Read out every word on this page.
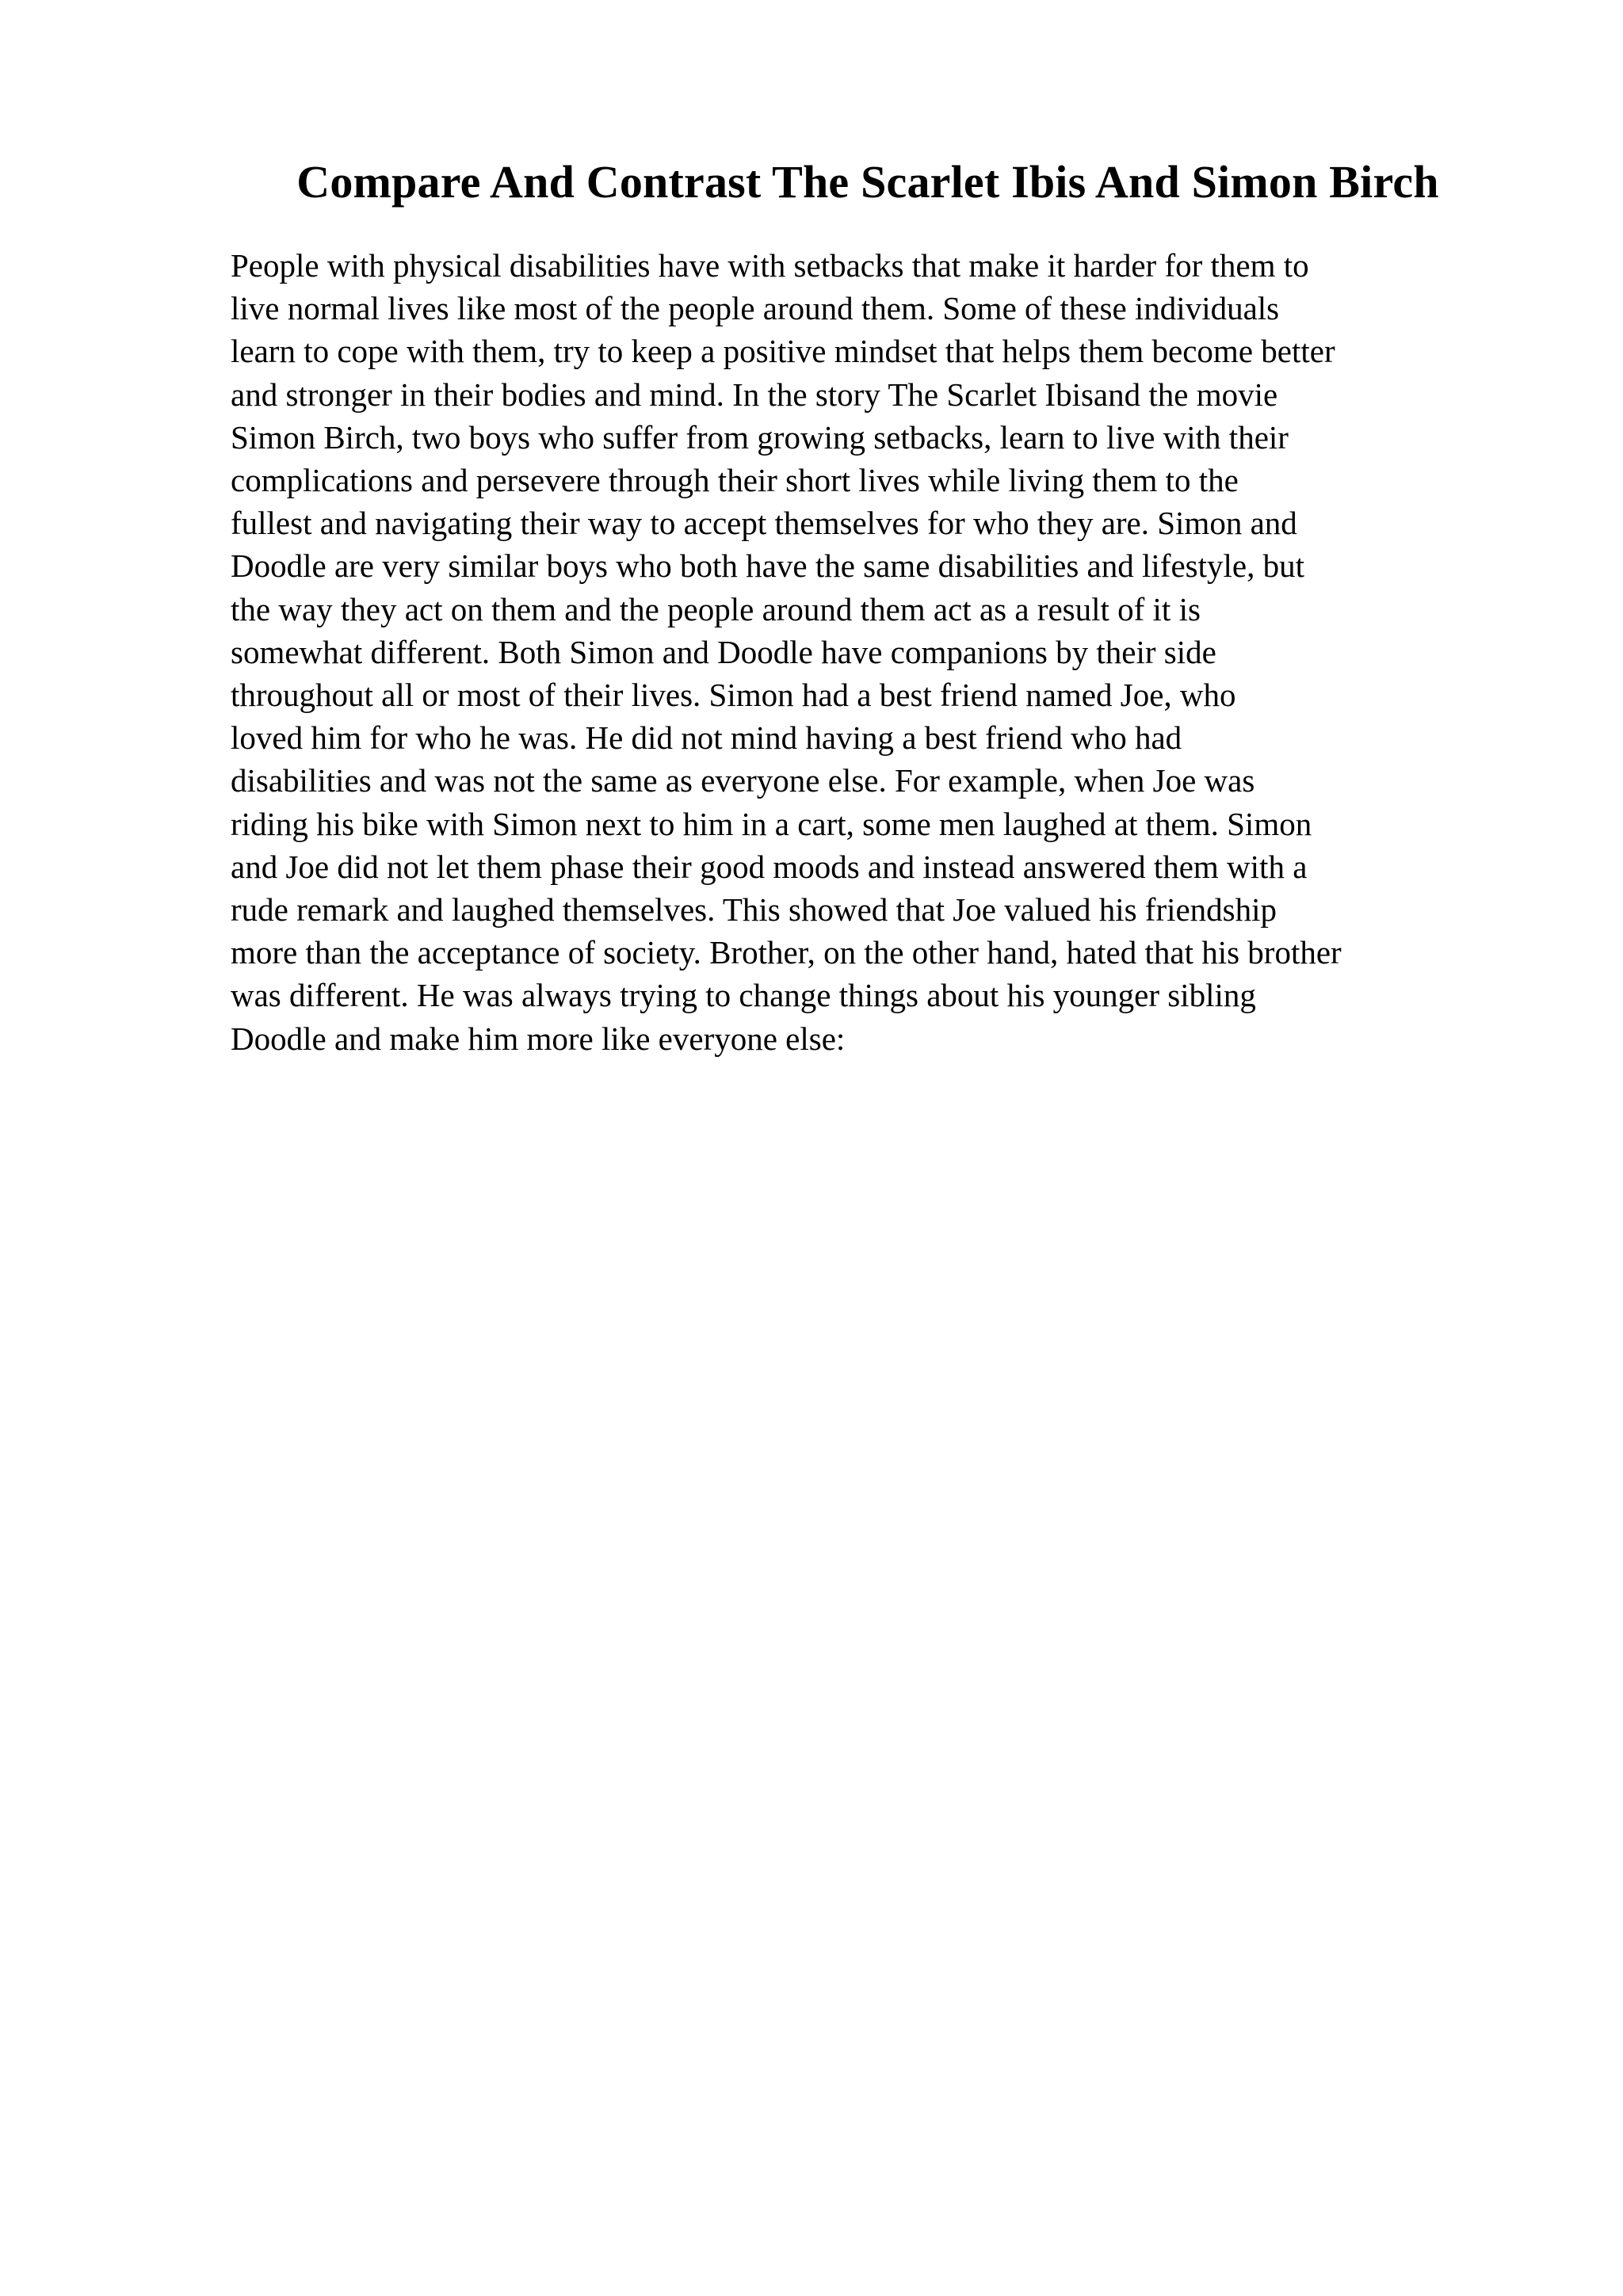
Compare And Contrast The Scarlet Ibis And Simon Birch
People with physical disabilities have with setbacks that make it harder for them to
live normal lives like most of the people around them. Some of these individuals
learn to cope with them, try to keep a positive mindset that helps them become better
and stronger in their bodies and mind. In the story The Scarlet Ibisand the movie
Simon Birch, two boys who suffer from growing setbacks, learn to live with their
complications and persevere through their short lives while living them to the
fullest and navigating their way to accept themselves for who they are. Simon and
Doodle are very similar boys who both have the same disabilities and lifestyle, but
the way they act on them and the people around them act as a result of it is
somewhat different. Both Simon and Doodle have companions by their side
throughout all or most of their lives. Simon had a best friend named Joe, who
loved him for who he was. He did not mind having a best friend who had
disabilities and was not the same as everyone else. For example, when Joe was
riding his bike with Simon next to him in a cart, some men laughed at them. Simon
and Joe did not let them phase their good moods and instead answered them with a
rude remark and laughed themselves. This showed that Joe valued his friendship
more than the acceptance of society. Brother, on the other hand, hated that his brother
was different. He was always trying to change things about his younger sibling
Doodle and make him more like everyone else:
